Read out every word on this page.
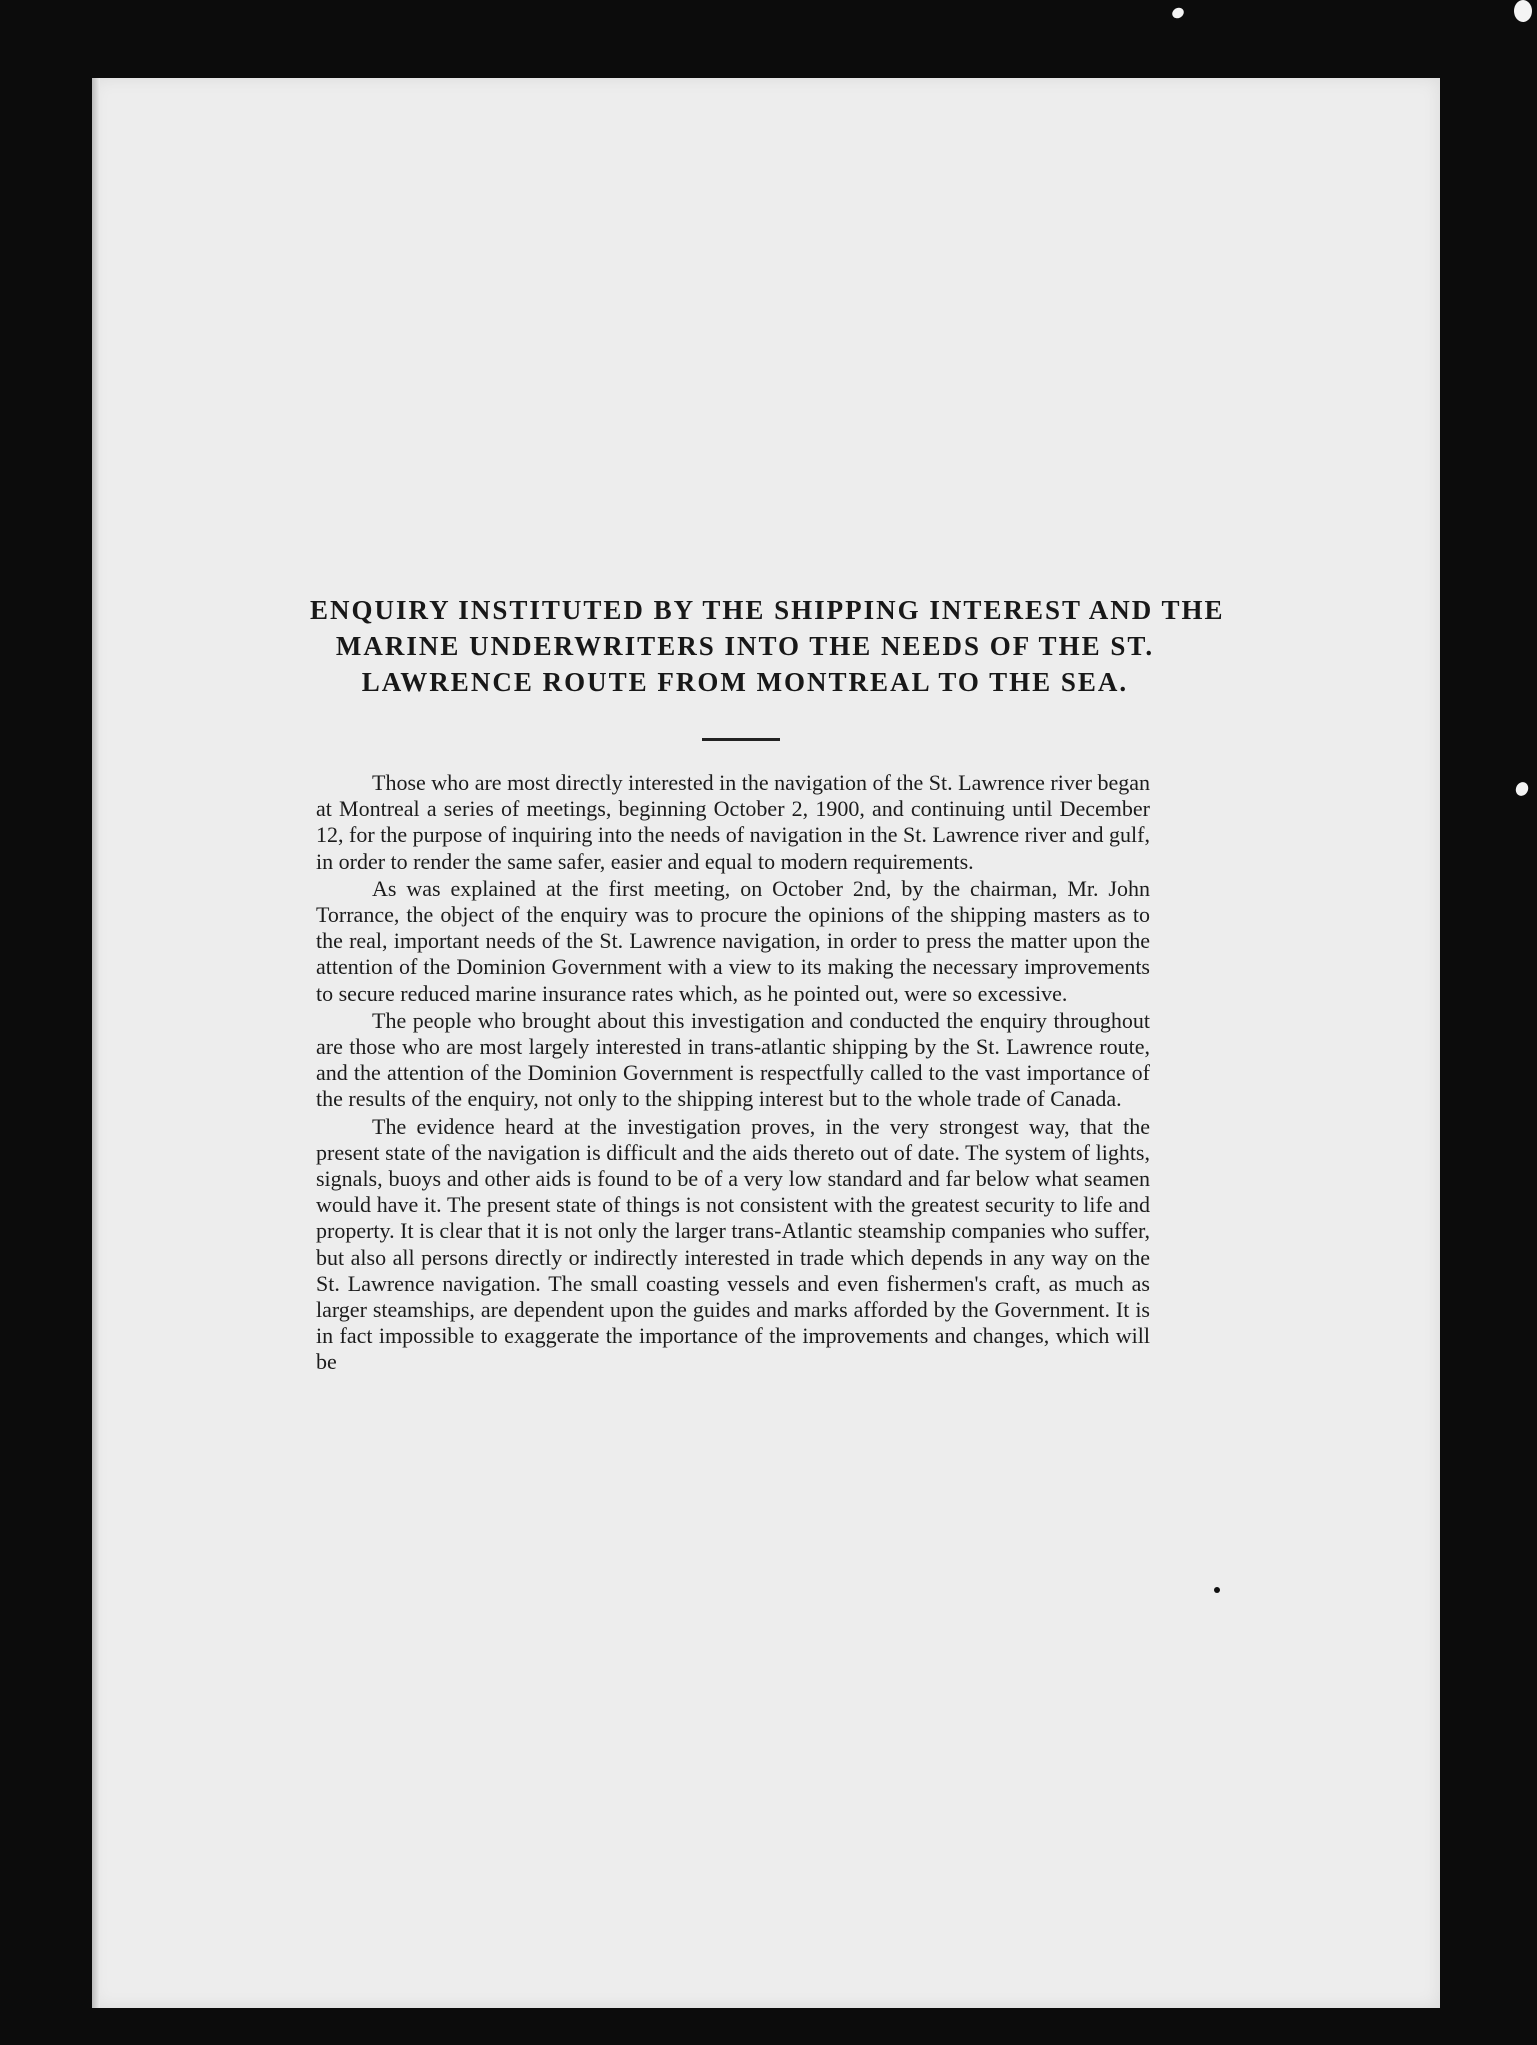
ENQUIRY INSTITUTED BY THE SHIPPING INTEREST AND THE
MARINE UNDERWRITERS INTO THE NEEDS OF THE ST.
LAWRENCE ROUTE FROM MONTREAL TO THE SEA.

Those who are most directly interested in the navigation of the St. Lawrence river began at Montreal a series of meetings, beginning October 2, 1900, and continuing until December 12, for the purpose of inquiring into the needs of navigation in the St. Lawrence river and gulf, in order to render the same safer, easier and equal to modern requirements.

As was explained at the first meeting, on October 2nd, by the chairman, Mr. John Torrance, the object of the enquiry was to procure the opinions of the shipping masters as to the real, important needs of the St. Lawrence navigation, in order to press the matter upon the attention of the Dominion Government with a view to its making the necessary improvements to secure reduced marine insurance rates which, as he pointed out, were so excessive.

The people who brought about this investigation and conducted the enquiry throughout are those who are most largely interested in trans-atlantic shipping by the St. Lawrence route, and the attention of the Dominion Government is respectfully called to the vast importance of the results of the enquiry, not only to the shipping interest but to the whole trade of Canada.

The evidence heard at the investigation proves, in the very strongest way, that the present state of the navigation is difficult and the aids thereto out of date. The system of lights, signals, buoys and other aids is found to be of a very low standard and far below what seamen would have it. The present state of things is not consistent with the greatest security to life and property. It is clear that it is not only the larger trans-Atlantic steamship companies who suffer, but also all persons directly or indirectly interested in trade which depends in any way on the St. Lawrence navigation. The small coasting vessels and even fishermen's craft, as much as larger steamships, are dependent upon the guides and marks afforded by the Government. It is in fact impossible to exaggerate the importance of the improvements and changes, which will be
